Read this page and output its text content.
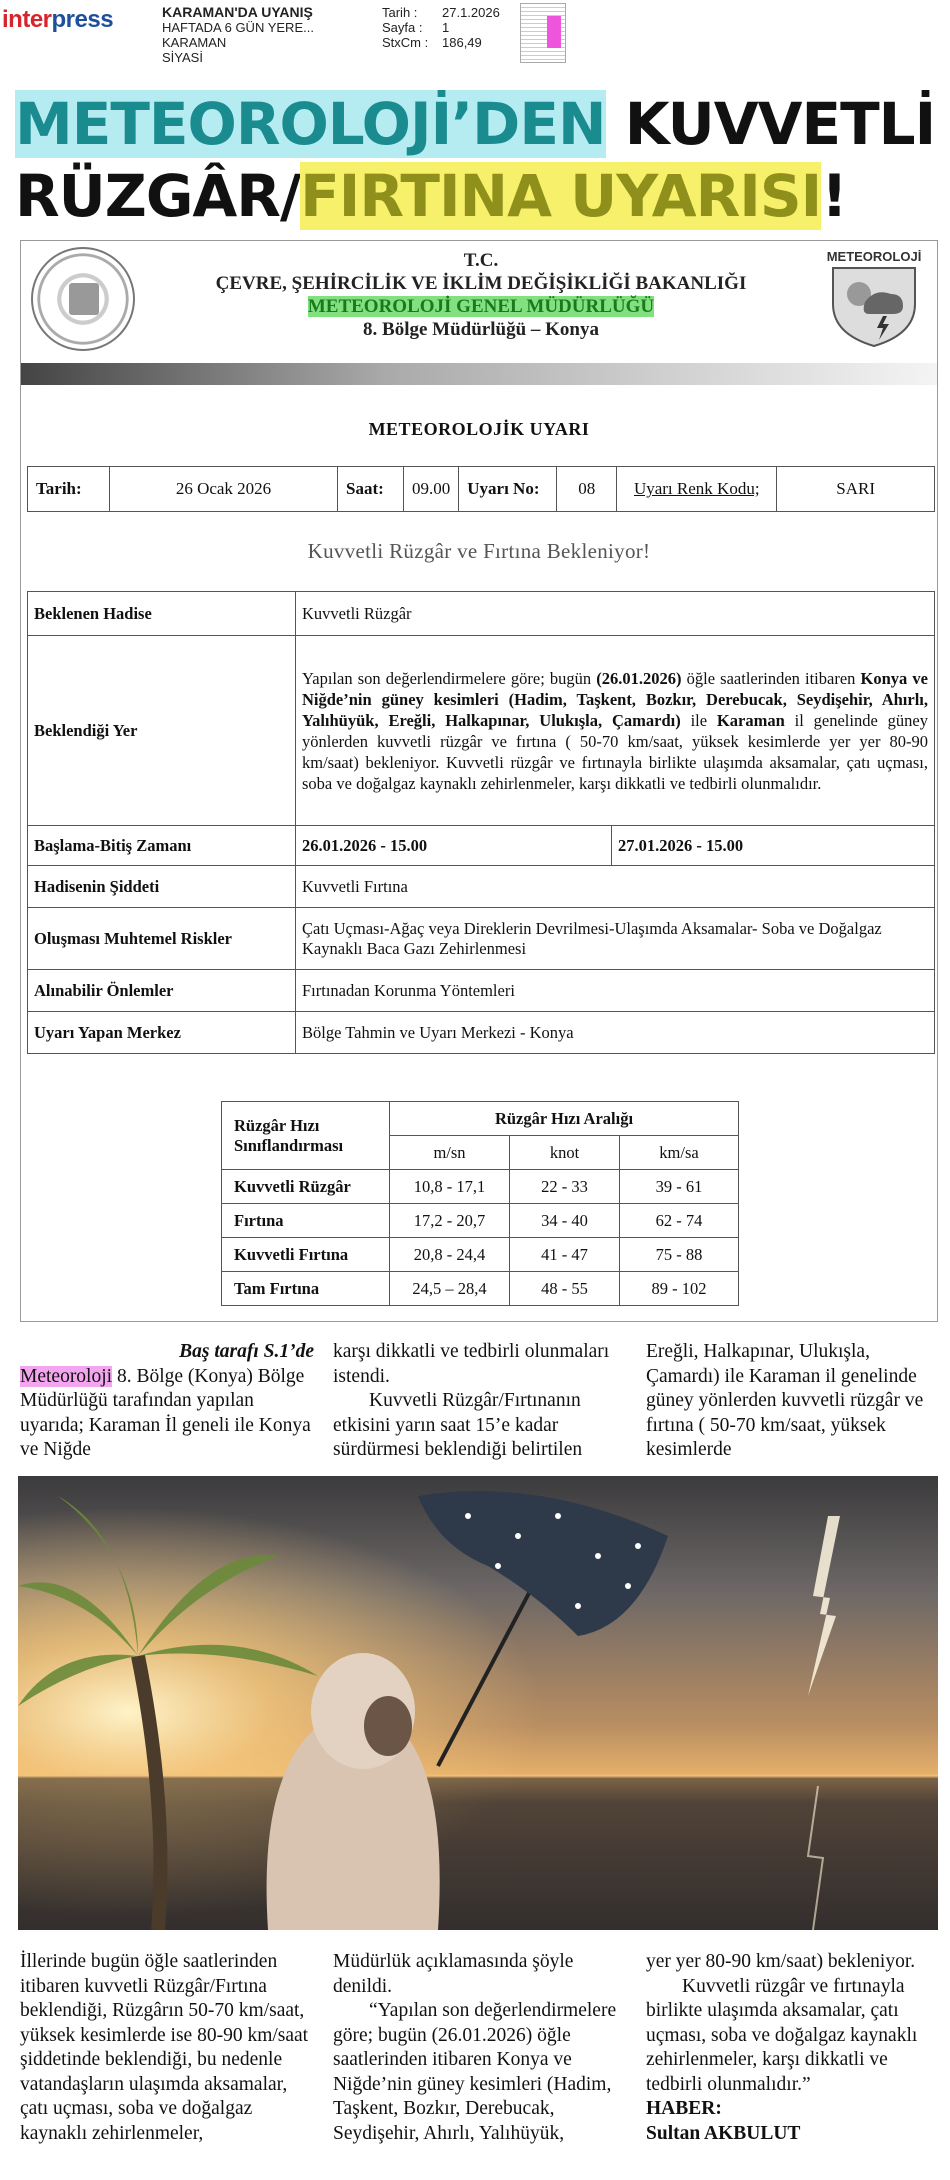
interpress	KARAMAN'DA UYANIŞ
HAFTADA 6 GÜN YERE...
KARAMAN
SİYASİ
Tarih :	27.1.2026
Sayfa :	1
StxCm :	186,49
METEOROLOJİ’DEN KUVVETLİ
RÜZGÂR/FIRTINA UYARISI!
T.C.
ÇEVRE, ŞEHİRCİLİK VE İKLİM DEĞİŞİKLİĞİ BAKANLIĞI
METEOROLOJİ GENEL MÜDÜRLÜĞÜ
8. Bölge Müdürlüğü – Konya
METEOROLOJİ
METEOROLOJİK UYARI
Tarih:	26 Ocak 2026	Saat:	09.00	Uyarı No:	08	Uyarı Renk Kodu;	SARI
Kuvvetli Rüzgâr ve Fırtına Bekleniyor!
Beklenen Hadise	Kuvvetli Rüzgâr	
Beklendiği Yer	Yapılan son değerlendirmelere göre; bugün (26.01.2026) öğle saatlerinden itibaren Konya ve Niğde’nin güney kesimleri (Hadim, Taşkent, Bozkır, Derebucak, Seydişehir, Ahırlı, Yalıhüyük, Ereğli, Halkapınar, Ulukışla, Çamardı) ile Karaman il genelinde güney yönlerden kuvvetli rüzgâr ve fırtına ( 50-70 km/saat, yüksek kesimlerde yer yer 80-90 km/saat) bekleniyor. Kuvvetli rüzgâr ve fırtınayla birlikte ulaşımda aksamalar, çatı uçması, soba ve doğalgaz kaynaklı zehirlenmeler, karşı dikkatli ve tedbirli olunmalıdır.	
Başlama-Bitiş Zamanı	26.01.2026 - 15.00	27.01.2026 - 15.00
Hadisenin Şiddeti	Kuvvetli Fırtına	
Oluşması Muhtemel Riskler	Çatı Uçması-Ağaç veya Direklerin Devrilmesi-Ulaşımda Aksamalar- Soba ve Doğalgaz Kaynaklı Baca Gazı Zehirlenmesi	
Alınabilir Önlemler	Fırtınadan Korunma Yöntemleri	
Uyarı Yapan Merkez	Bölge Tahmin ve Uyarı Merkezi - Konya	
Rüzgâr Hızı Sınıflandırması	Rüzgâr Hızı Aralığı		
	m/sn	knot	km/sa
Kuvvetli Rüzgâr	10,8 - 17,1	22 - 33	39 - 61
Fırtına	17,2 - 20,7	34 - 40	62 - 74
Kuvvetli Fırtına	20,8 - 24,4	41 - 47	75 - 88
Tam Fırtına	24,5 – 28,4	48 - 55	89 - 102

Baş tarafı S.1’de

Meteoroloji 8. Bölge (Konya) Bölge Müdürlüğü tarafından yapılan uyarıda; Karaman İl geneli ile Konya ve Niğde

karşı dikkatli ve tedbirli olunmaları istendi.

Kuvvetli Rüzgâr/Fırtınanın etkisini yarın saat 15’e kadar sürdürmesi beklendiği belirtilen

Ereğli, Halkapınar, Ulukışla, Çamardı) ile Karaman il genelinde güney yönlerden kuvvetli rüzgâr ve fırtına ( 50-70 km/saat, yüksek kesimlerde

İllerinde bugün öğle saatlerinden itibaren kuvvetli Rüzgâr/Fırtına beklendiği, Rüzgârın 50-70 km/saat, yüksek kesimlerde ise 80-90 km/saat şiddetinde beklendiği, bu nedenle vatandaşların ulaşımda aksamalar, çatı uçması, soba ve doğalgaz kaynaklı zehirlenmeler,

Müdürlük açıklamasında şöyle denildi.

“Yapılan son değerlendirmelere göre; bugün (26.01.2026) öğle saatlerinden itibaren Konya ve Niğde’nin güney kesimleri (Hadim, Taşkent, Bozkır, Derebucak, Seydişehir, Ahırlı, Yalıhüyük,

yer yer 80-90 km/saat) bekleniyor.

Kuvvetli rüzgâr ve fırtınayla birlikte ulaşımda aksamalar, çatı uçması, soba ve doğalgaz kaynaklı zehirlenmeler, karşı dikkatli ve tedbirli olunmalıdır.”

HABER:

Sultan AKBULUT
